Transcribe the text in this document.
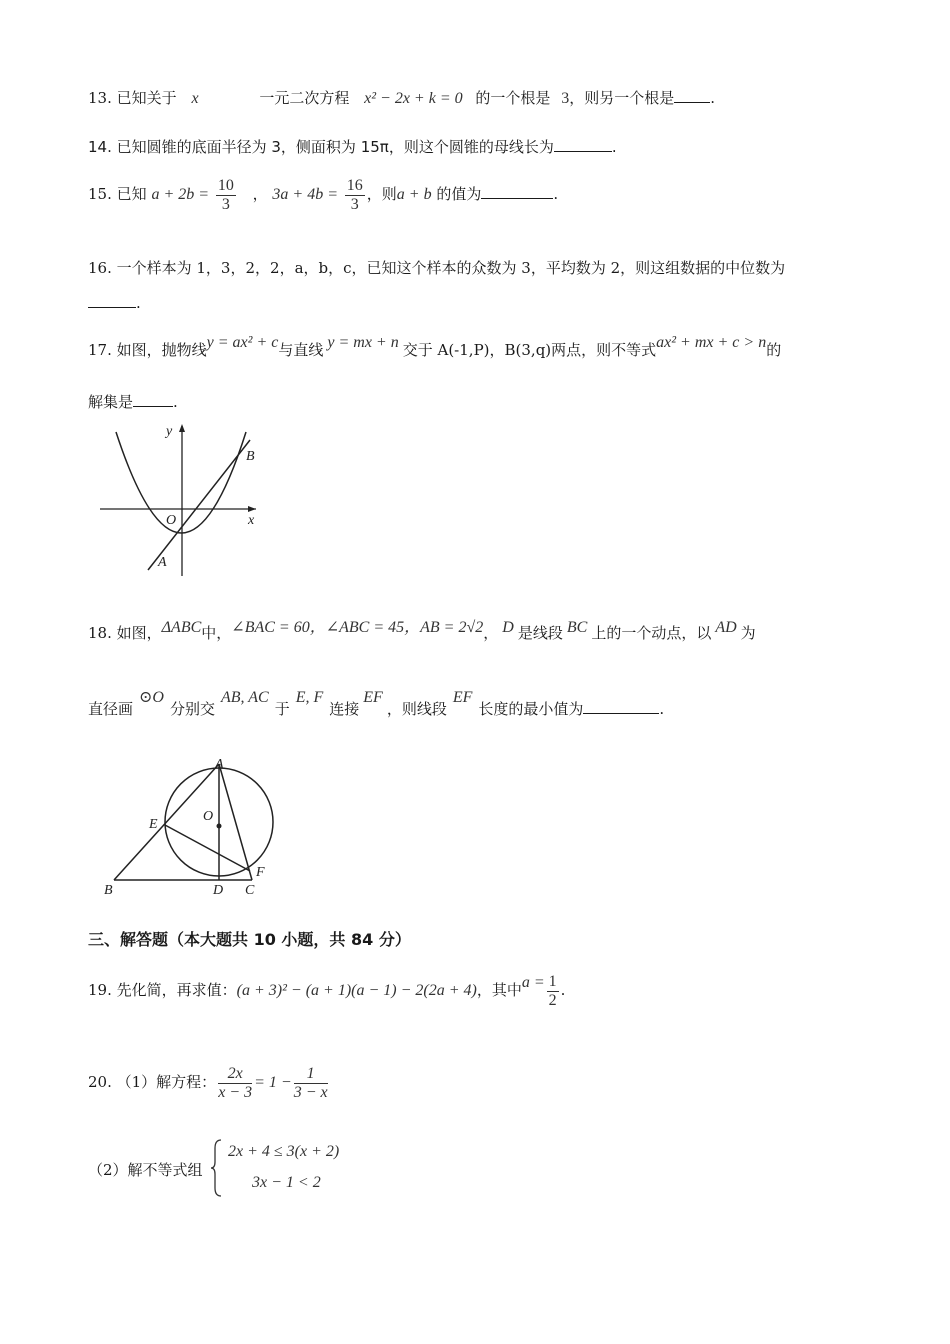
13. 已知关于 x	一元二次方程 x² − 2x + k = 0 的一个根是 3，则另一个根是 .
14. 已知圆锥的底面半径为 3，侧面积为 15π，则这个圆锥的母线长为	.
15. 已知 $a + 2b = \frac{10}{3}$ ， $3a + 4b = \frac{16}{3}$ ，则a + b 的值为	.
16. 一个样本为 1，3，2，2，a，b，c，已知这个样本的众数为 3，平均数为 2，则这组数据的中位数为
.
17. 如图，抛物线y = ax² + c与直线 y = mx + n 交于 A(-1,P)，B(3,q)两点，则不等式ax² + mx + c > n的
解集是	.
y
x
O
A
B
18. 如图，ΔABC中，∠BAC = 60，∠ABC = 45，AB = 2√2， D 是线段 BC 上的一个动点，以 AD 为
直径画⊙O分别交AB, AC于E, F连接EF，则线段EF长度的最小值为	.
A
B	C
D
E
F
O
三、解答题（本大题共 10 小题，共 84 分）
19. 先化简，再求值：(a + 3)² − (a + 1)(a − 1) − 2(2a + 4)，其中$a = \frac{1}{2}$ .
20. （1）解方程： $\frac{2x}{x - 3} = 1 - \frac{1}{3 - x}$
（2）解不等式组
2x + 4 ≤ 3(x + 2)
3x − 1 < 2
